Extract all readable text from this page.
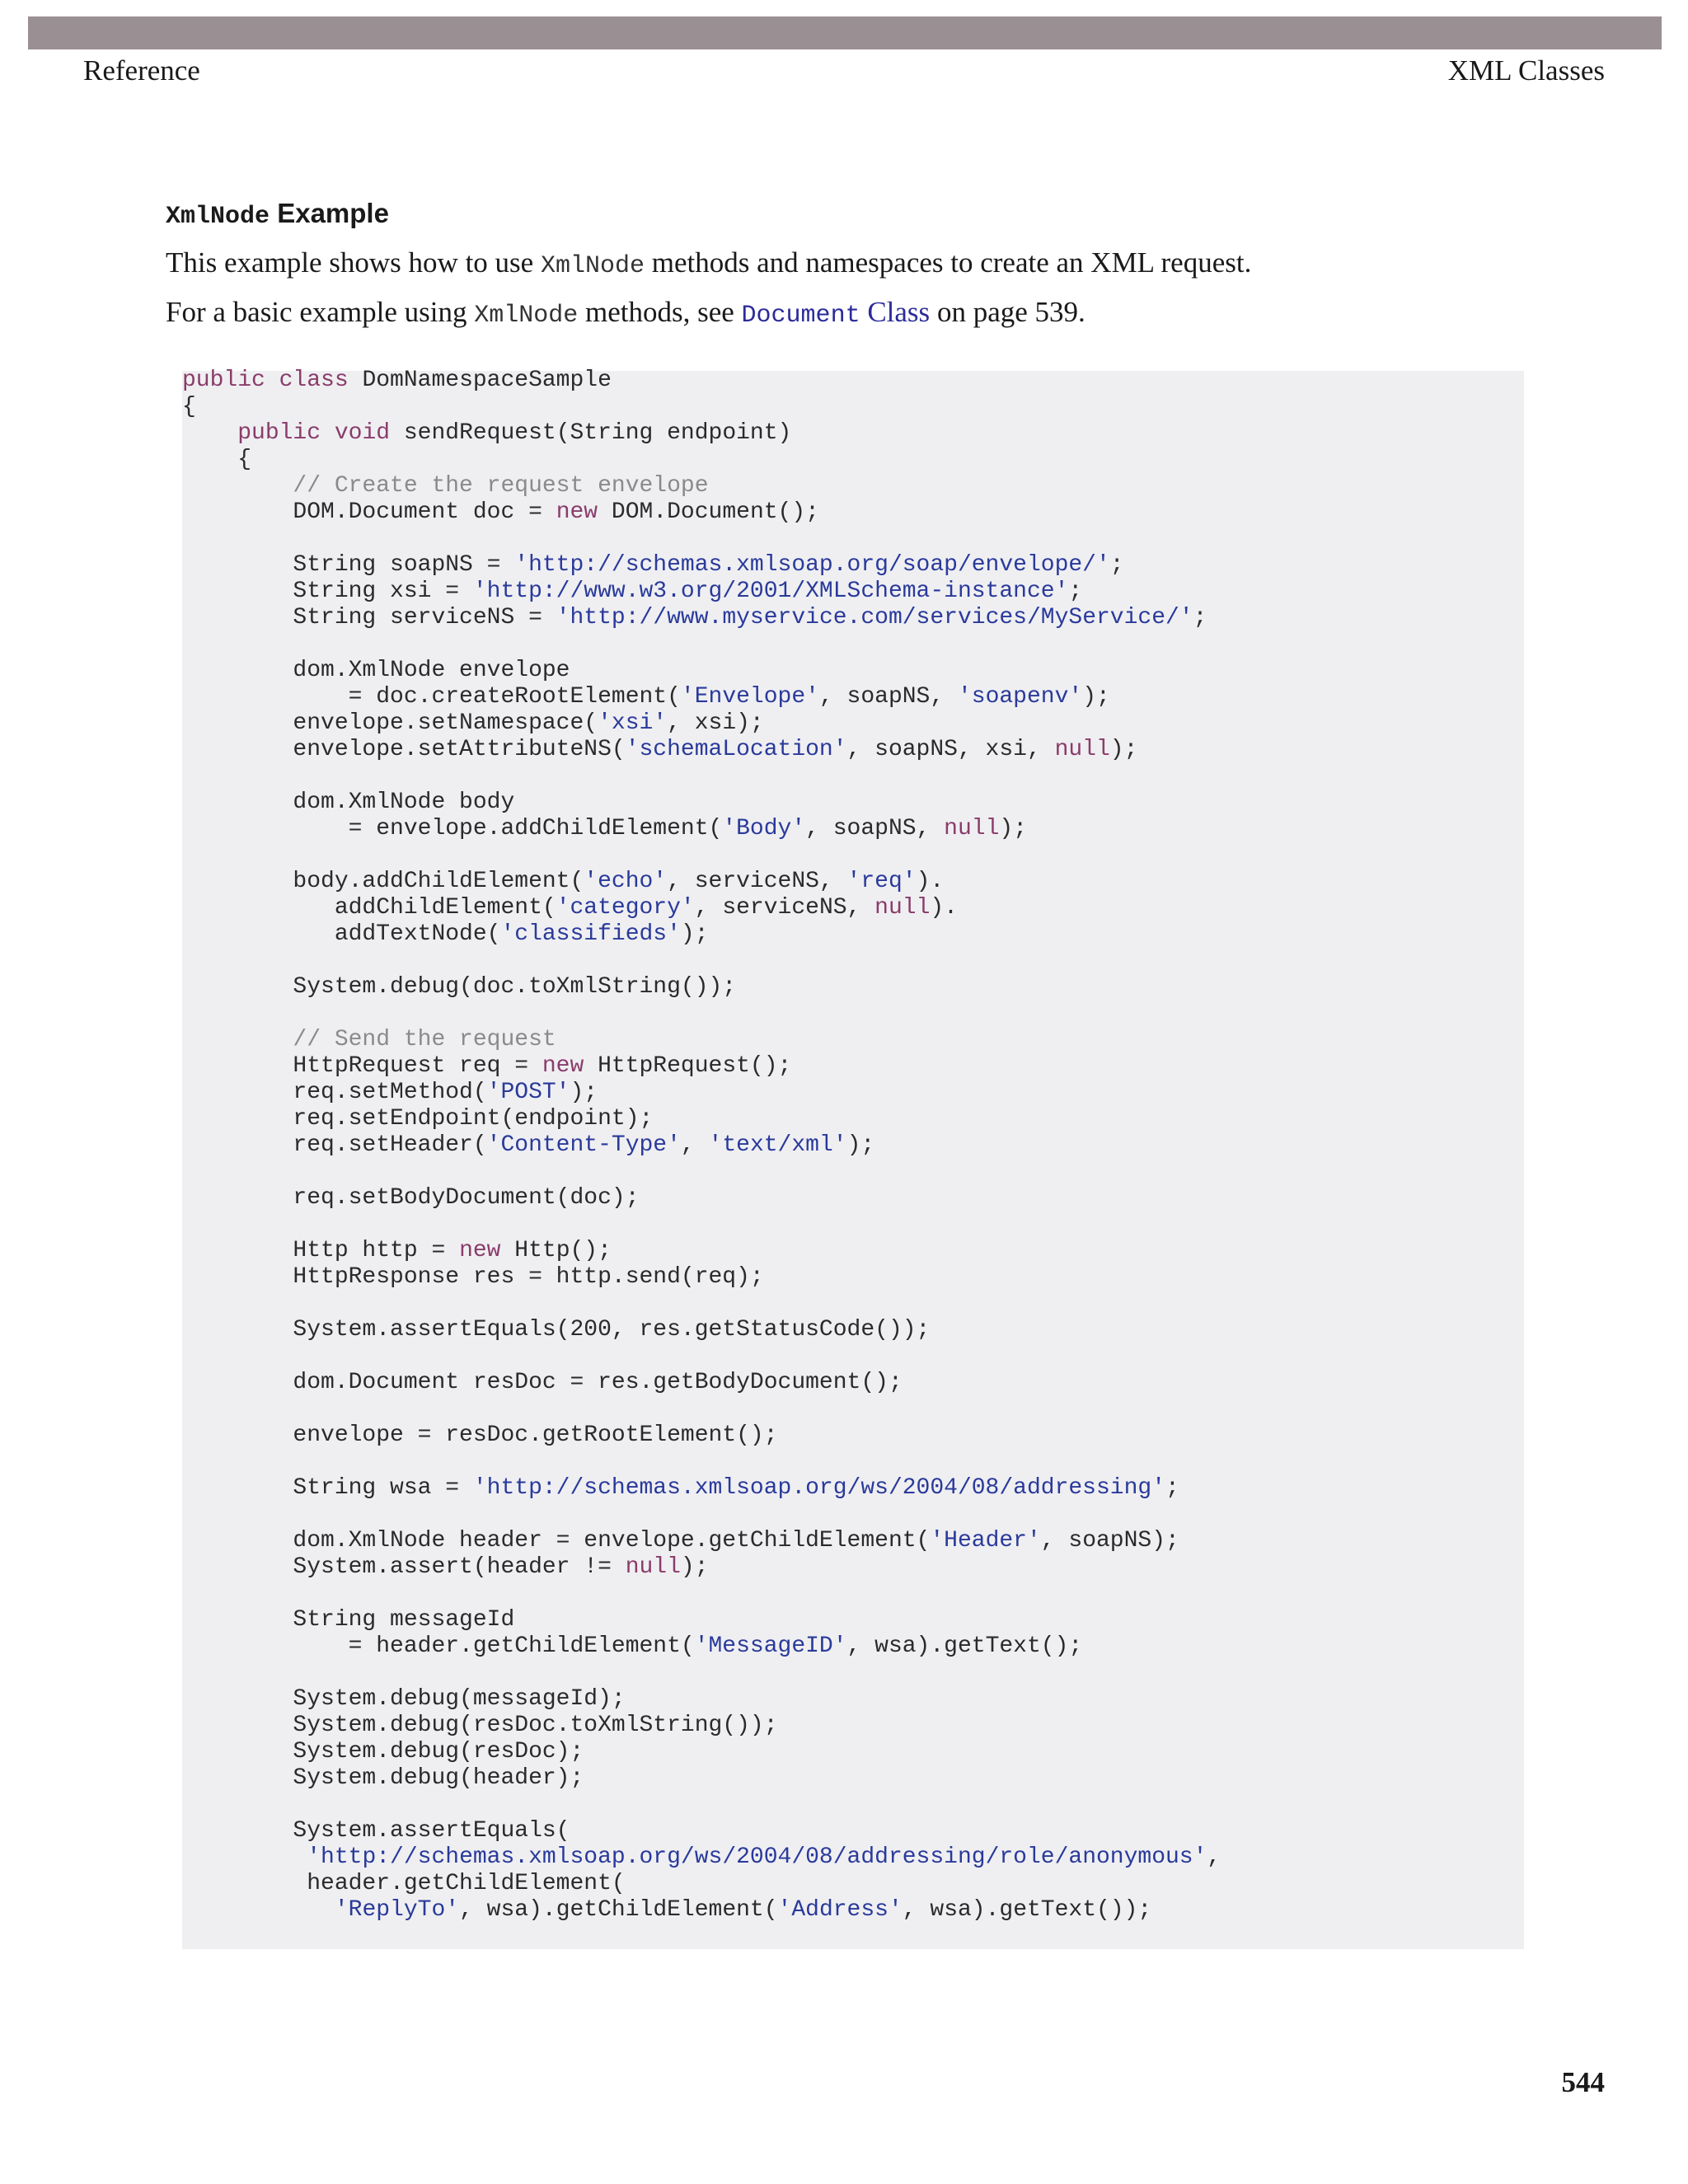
Reference	XML Classes
XmlNode Example
This example shows how to use XmlNode methods and namespaces to create an XML request.
For a basic example using XmlNode methods, see Document Class on page 539.
public class DomNamespaceSample
{
public void sendRequest(String endpoint)
{
// Create the request envelope
DOM.Document doc = new DOM.Document();
String soapNS = 'http://schemas.xmlsoap.org/soap/envelope/';
String xsi = 'http://www.w3.org/2001/XMLSchema-instance';
String serviceNS = 'http://www.myservice.com/services/MyService/';
dom.XmlNode envelope
= doc.createRootElement('Envelope', soapNS, 'soapenv');
envelope.setNamespace('xsi', xsi);
envelope.setAttributeNS('schemaLocation', soapNS, xsi, null);
dom.XmlNode body
= envelope.addChildElement('Body', soapNS, null);
body.addChildElement('echo', serviceNS, 'req').
addChildElement('category', serviceNS, null).
addTextNode('classifieds');
System.debug(doc.toXmlString());
// Send the request
HttpRequest req = new HttpRequest();
req.setMethod('POST');
req.setEndpoint(endpoint);
req.setHeader('Content-Type', 'text/xml');
req.setBodyDocument(doc);
Http http = new Http();
HttpResponse res = http.send(req);
System.assertEquals(200, res.getStatusCode());
dom.Document resDoc = res.getBodyDocument();
envelope = resDoc.getRootElement();
String wsa = 'http://schemas.xmlsoap.org/ws/2004/08/addressing';
dom.XmlNode header = envelope.getChildElement('Header', soapNS);
System.assert(header != null);
String messageId
= header.getChildElement('MessageID', wsa).getText();
System.debug(messageId);
System.debug(resDoc.toXmlString());
System.debug(resDoc);
System.debug(header);
System.assertEquals(
'http://schemas.xmlsoap.org/ws/2004/08/addressing/role/anonymous',
header.getChildElement(
'ReplyTo', wsa).getChildElement('Address', wsa).getText());
544
